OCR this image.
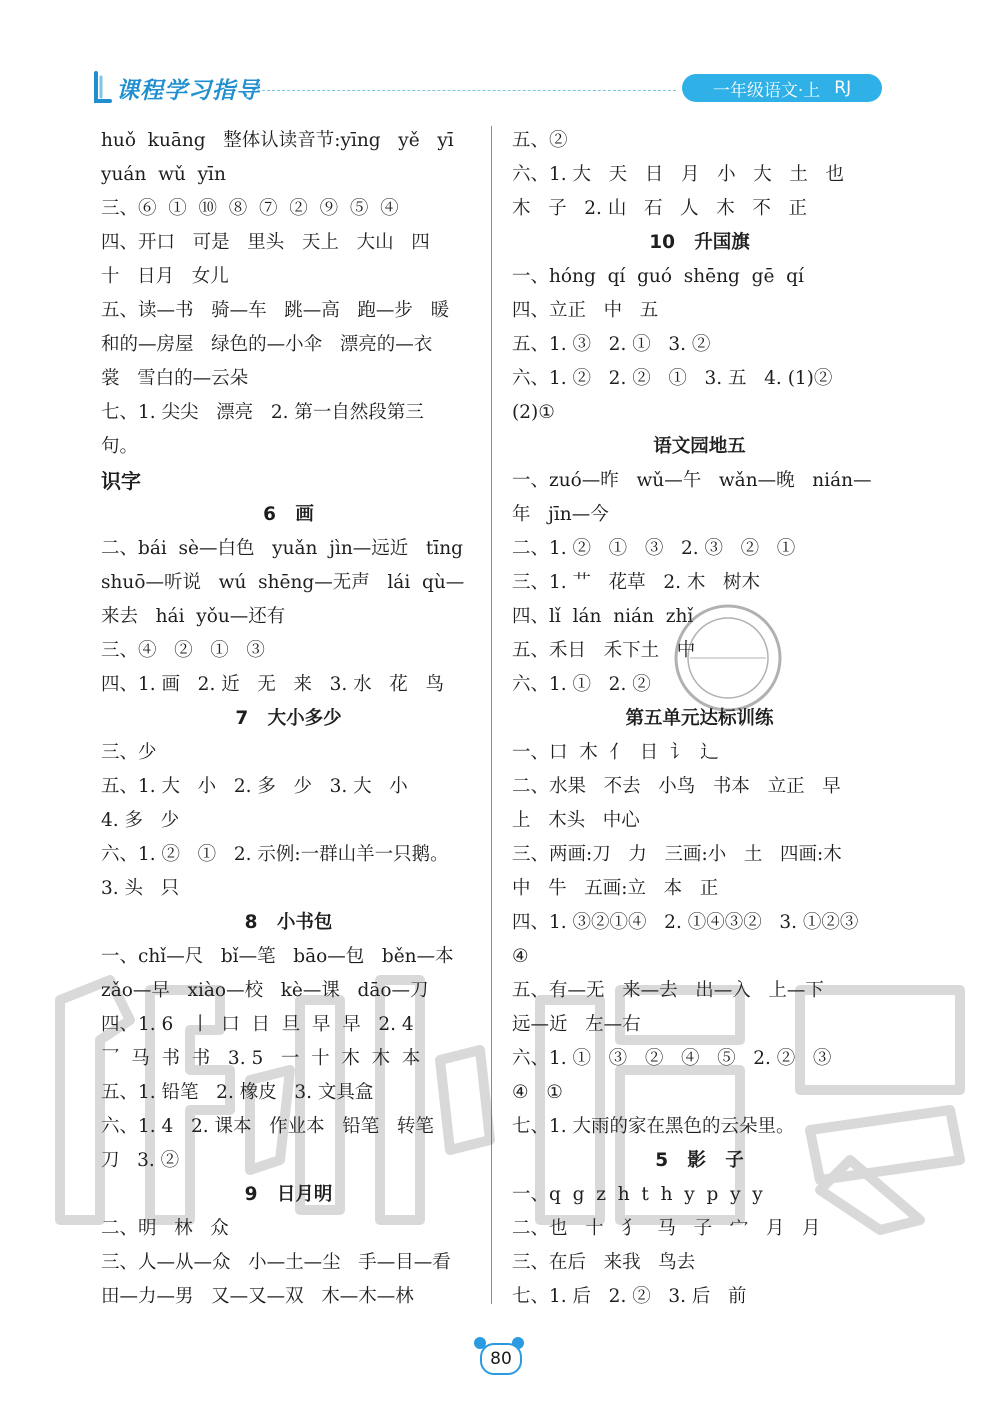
课程学习指导	一年级语文·上 RJ
huǒ  kuāng   整体认读音节:yīng   yě   yī
yuán  wǔ  yīn
三、⑥  ①  ⑩  ⑧  ⑦  ②  ⑨  ⑤  ④
四、开口   可是   里头   天上   大山   四
十   日月   女儿
五、读—书   骑—车   跳—高   跑—步   暖
和的—房屋   绿色的—小伞   漂亮的—衣
裳   雪白的—云朵
七、1. 尖尖   漂亮   2. 第一自然段第三
句。
识字
6   画
二、bái  sè—白色   yuǎn  jìn—远近   tīng
shuō—听说   wú  shēng—无声   lái  qù—
来去   hái  yǒu—还有
三、④   ②   ①   ③
四、1. 画   2. 近   无   来   3. 水   花   鸟
7   大小多少
三、少
五、1. 大   小   2. 多   少   3. 大   小
4. 多   少
六、1. ②   ①   2. 示例:一群山羊一只鹅。
3. 头   只
8   小书包
一、chǐ—尺   bǐ—笔   bāo—包   běn—本
zǎo—早   xiào—校   kè—课   dāo—刀
四、1. 6   丨  口  日  旦  早  早   2. 4
乛  马  书  书   3. 5   一  十  木  木  本
五、1. 铅笔   2. 橡皮   3. 文具盒
六、1. 4   2. 课本   作业本   铅笔   转笔
刀   3. ②
9   日月明
二、明   林   众
三、人—从—众   小—土—尘   手—目—看
田—力—男   又—又—双   木—木—林
五、②
六、1. 大   天   日   月   小   大   土   也
木   子   2. 山   石   人   木   不   正
10   升国旗
一、hóng  qí  guó  shēng  gē  qí
四、立正   中   五
五、1. ③   2. ①   3. ②
六、1. ②   2. ②   ①   3. 五   4. (1)②
(2)①
语文园地五
一、zuó—昨   wǔ—午   wǎn—晚   nián—
年   jīn—今
二、1. ②   ①   ③   2. ③   ②   ①
三、1. 艹   花草   2. 木   树木
四、lǐ  lán  nián  zhǐ
五、禾日   禾下土   中
六、1. ①   2. ②
第五单元达标训练
一、口  木  亻  日  讠  辶
二、水果   不去   小鸟   书本   立正   早
上   木头   中心
三、两画:刀   力   三画:小   土   四画:木
中   牛   五画:立   本   正
四、1. ③②①④   2. ①④③②   3. ①②③
④
五、有—无   来—去   出—入   上—下
远—近   左—右
六、1. ①   ③   ②   ④   ⑤   2. ②   ③
④   ①
七、1. 大雨的家在黑色的云朵里。
5   影   子
一、q  g  z  h  t  h  y  p  y  y
二、也   十   犭   马   子   宀   月   月
三、在后   来我   鸟去
七、1. 后   2. ②   3. 后   前
80
